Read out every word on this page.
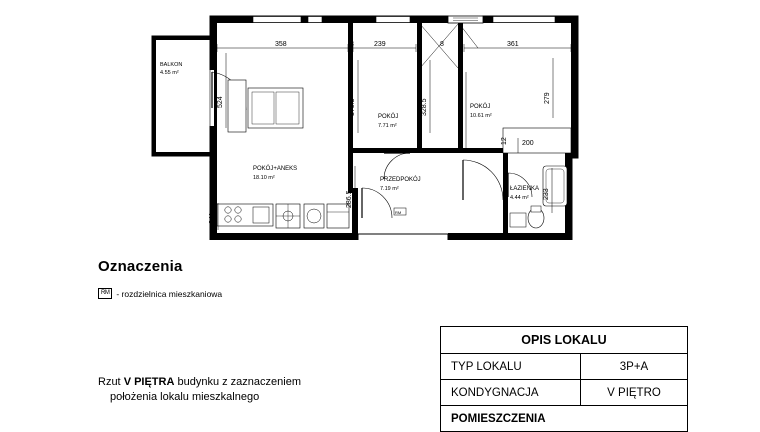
358	239	361
8	8
524	370.5	328.5
279
286.5
200
233
241
12
BALKON
4.55 m²
POKÓJ+ANEKS
18.10 m²
POKÓJ
7.71 m²
POKÓJ
10.61 m²
PRZEDPOKÓJ
7.19 m²	ŁAZIENKA
4.44 m²
RM
Oznaczenia
RM - rozdzielnica mieszkaniowa
Rzut V PIĘTRA budynku z zaznaczeniem
położenia lokalu mieszkalnego
OPIS LOKALU	
TYP LOKALU	3P+A
KONDYGNACJA	V PIĘTRO
POMIESZCZENIA	
